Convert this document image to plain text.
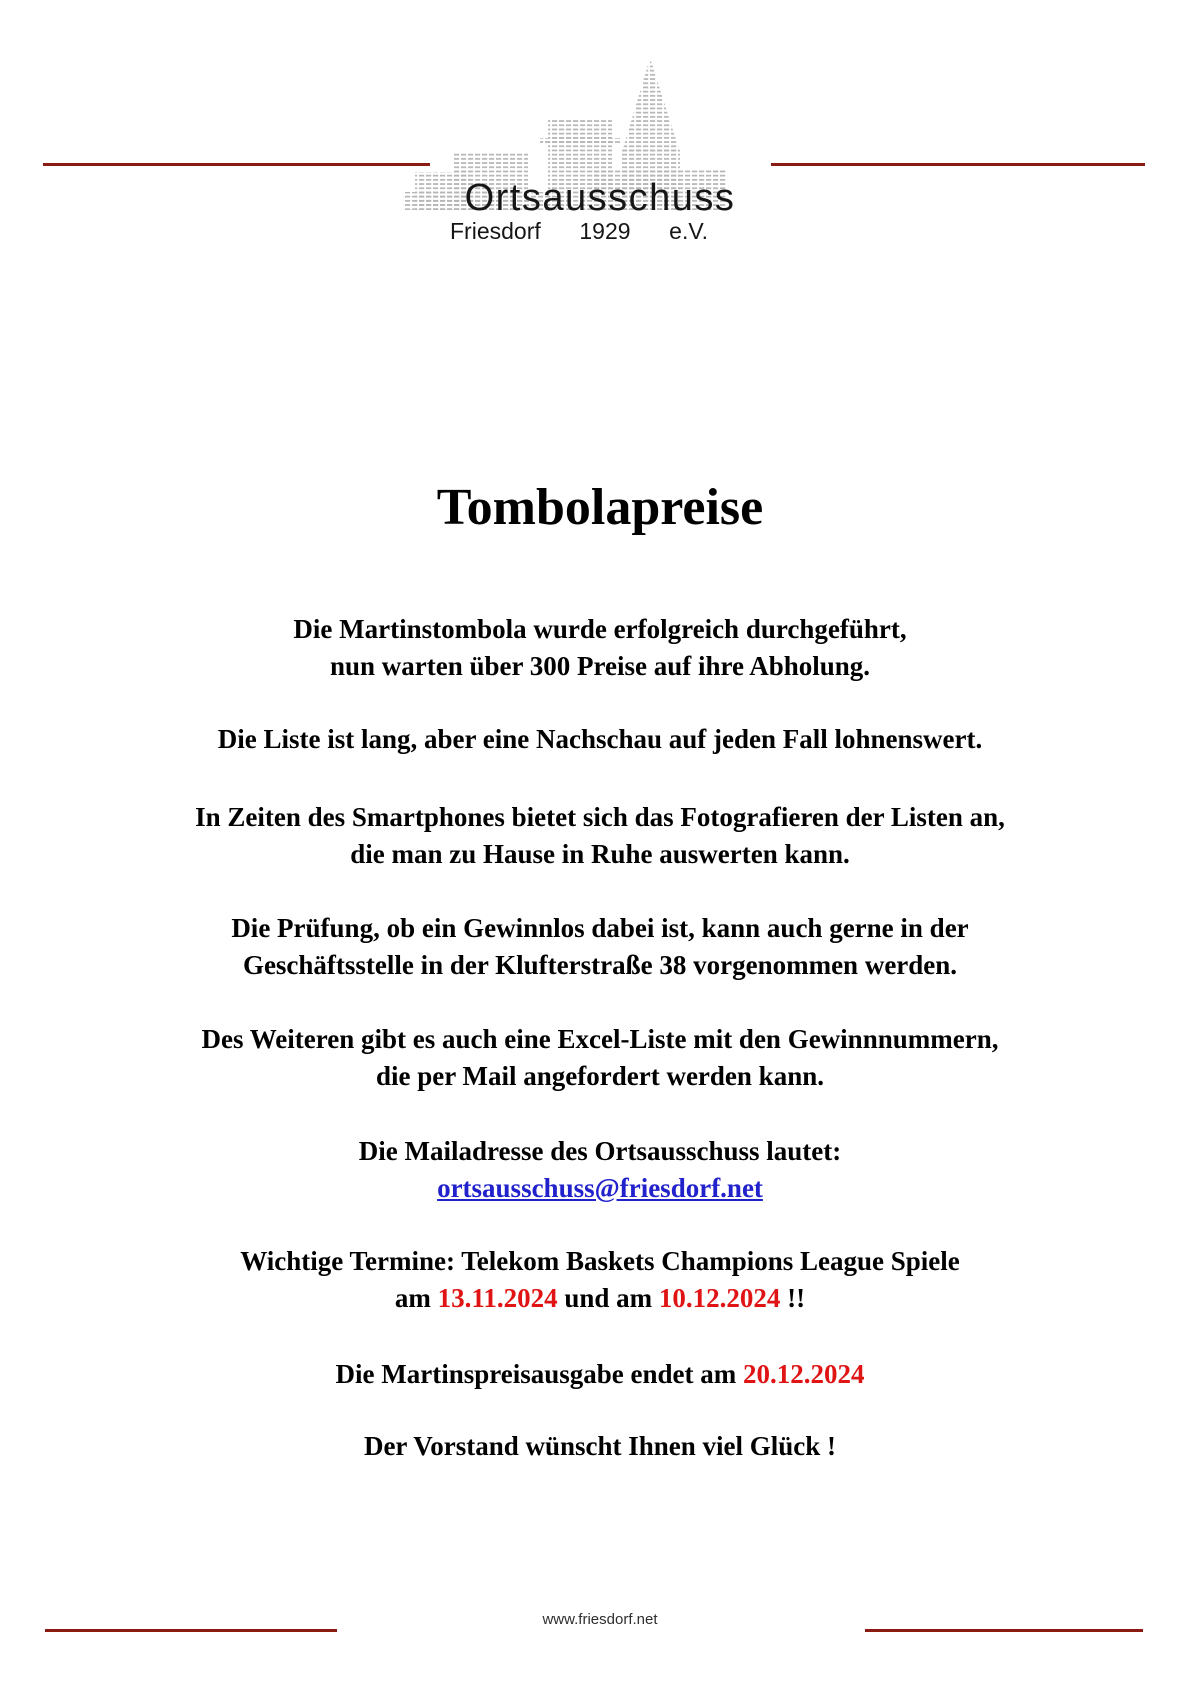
Ortsausschuss
Friesdorf 1929 e.V.
Tombolapreise
Die Martinstombola wurde erfolgreich durchgeführt,
nun warten über 300 Preise auf ihre Abholung.
Die Liste ist lang, aber eine Nachschau auf jeden Fall lohnenswert.
In Zeiten des Smartphones bietet sich das Fotografieren der Listen an,
die man zu Hause in Ruhe auswerten kann.
Die Prüfung, ob ein Gewinnlos dabei ist, kann auch gerne in der
Geschäftsstelle in der Klufterstraße 38 vorgenommen werden.
Des Weiteren gibt es auch eine Excel-Liste mit den Gewinnnummern,
die per Mail angefordert werden kann.
Die Mailadresse des Ortsausschuss lautet:
ortsausschuss@friesdorf.net
Wichtige Termine: Telekom Baskets Champions League Spiele
am 13.11.2024 und am 10.12.2024 !!
Die Martinspreisausgabe endet am 20.12.2024
Der Vorstand wünscht Ihnen viel Glück !
www.friesdorf.net
